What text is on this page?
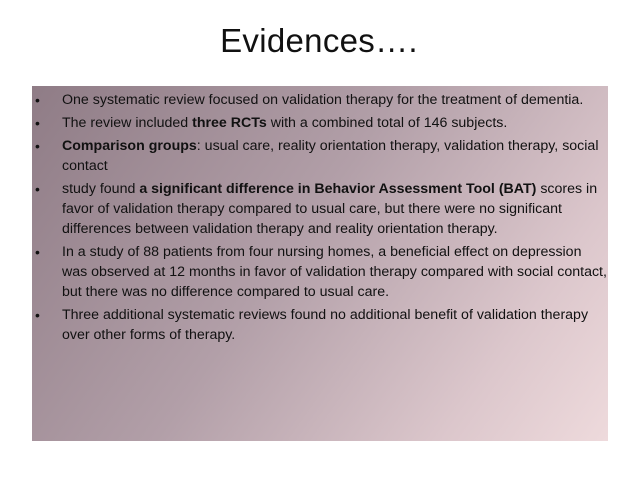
Evidences….
• One systematic review focused on validation therapy for the treatment of dementia.
• The review included three RCTs with a combined total of 146 subjects.
• Comparison groups: usual care, reality orientation therapy, validation therapy, social contact
• study found a significant difference in Behavior Assessment Tool (BAT) scores in favor of validation therapy compared to usual care, but there were no significant differences between validation therapy and reality orientation therapy.
• In a study of 88 patients from four nursing homes, a beneficial effect on depression was observed at 12 months in favor of validation therapy compared with social contact, but there was no difference compared to usual care.
• Three additional systematic reviews found no additional benefit of validation therapy over other forms of therapy.
